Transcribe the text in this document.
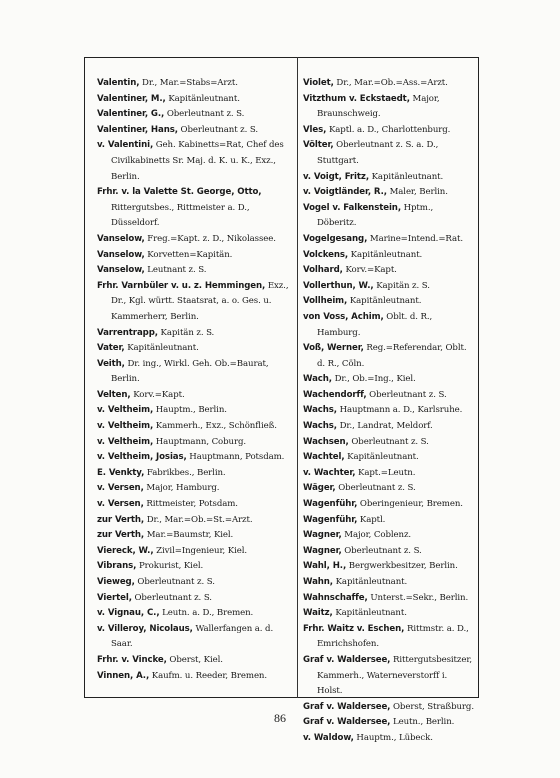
Valentin, Dr., Mar.=Stabs=Arzt.
Valentiner, M., Kapitänleutnant.
Valentiner, G., Oberleutnant z. S.
Valentiner, Hans, Oberleutnant z. S.
v. Valentini, Geh. Kabinetts=Rat, Chef des Civilkabinetts Sr. Maj. d. K. u. K., Exz., Berlin.
Frhr. v. la Valette St. George, Otto, Rittergutsbes., Rittmeister a. D., Düsseldorf.
Vanselow, Freg.=Kapt. z. D., Nikolassee.
Vanselow, Korvetten=Kapitän.
Vanselow, Leutnant z. S.
Frhr. Varnbüler v. u. z. Hemmingen, Exz., Dr., Kgl. württ. Staatsrat, a. o. Ges. u. Kammerherr, Berlin.
Varrentrapp, Kapitän z. S.
Vater, Kapitänleutnant.
Veith, Dr. ing., Wirkl. Geh. Ob.=Baurat, Berlin.
Velten, Korv.=Kapt.
v. Veltheim, Hauptm., Berlin.
v. Veltheim, Kammerh., Exz., Schönfließ.
v. Veltheim, Hauptmann, Coburg.
v. Veltheim, Josias, Hauptmann, Potsdam.
E. Venkty, Fabrikbes., Berlin.
v. Versen, Major, Hamburg.
v. Versen, Rittmeister, Potsdam.
zur Verth, Dr., Mar.=Ob.=St.=Arzt.
zur Verth, Mar.=Baumstr, Kiel.
Viereck, W., Zivil=Ingenieur, Kiel.
Vibrans, Prokurist, Kiel.
Vieweg, Oberleutnant z. S.
Viertel, Oberleutnant z. S.
v. Vignau, C., Leutn. a. D., Bremen.
v. Villeroy, Nicolaus, Wallerfangen a. d. Saar.
Frhr. v. Vincke, Oberst, Kiel.
Vinnen, A., Kaufm. u. Reeder, Bremen.
Violet, Dr., Mar.=Ob.=Ass.=Arzt.
Vitzthum v. Eckstaedt, Major, Braunschweig.
Vles, Kaptl. a. D., Charlottenburg.
Völter, Oberleutnant z. S. a. D., Stuttgart.
v. Voigt, Fritz, Kapitänleutnant.
v. Voigtländer, R., Maler, Berlin.
Vogel v. Falkenstein, Hptm., Döberitz.
Vogelgesang, Marine=Intend.=Rat.
Volckens, Kapitänleutnant.
Volhard, Korv.=Kapt.
Vollerthun, W., Kapitän z. S.
Vollheim, Kapitänleutnant.
von Voss, Achim, Oblt. d. R., Hamburg.
Voß, Werner, Reg.=Referendar, Oblt. d. R., Cöln.
Wach, Dr., Ob.=Ing., Kiel.
Wachendorff, Oberleutnant z. S.
Wachs, Hauptmann a. D., Karlsruhe.
Wachs, Dr., Landrat, Meldorf.
Wachsen, Oberleutnant z. S.
Wachtel, Kapitänleutnant.
v. Wachter, Kapt.=Leutn.
Wäger, Oberleutnant z. S.
Wagenführ, Oberingenieur, Bremen.
Wagenführ, Kaptl.
Wagner, Major, Coblenz.
Wagner, Oberleutnant z. S.
Wahl, H., Bergwerkbesitzer, Berlin.
Wahn, Kapitänleutnant.
Wahnschaffe, Unterst.=Sekr., Berlin.
Waitz, Kapitänleutnant.
Frhr. Waitz v. Eschen, Rittmstr. a. D., Emrichshofen.
Graf v. Waldersee, Rittergutsbesitzer, Kammerh., Waterneverstorff i. Holst.
Graf v. Waldersee, Oberst, Straßburg.
Graf v. Waldersee, Leutn., Berlin.
v. Waldow, Hauptm., Lübeck.
86
